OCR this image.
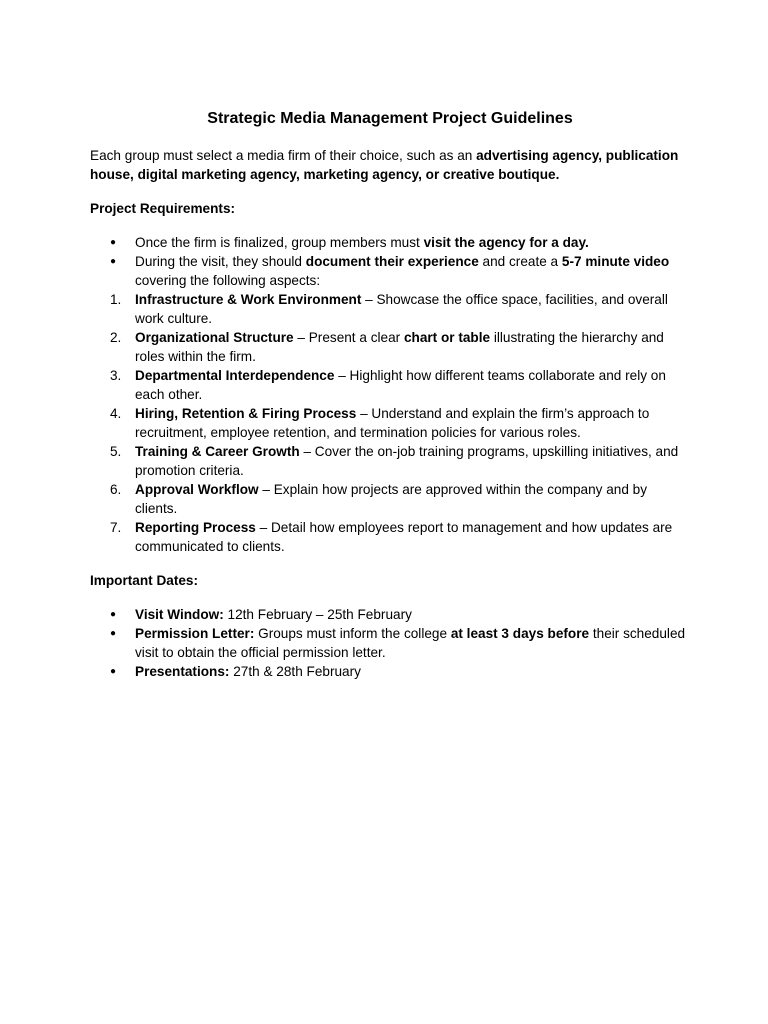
Strategic Media Management Project Guidelines

Each group must select a media firm of their choice, such as an advertising agency, publication house, digital marketing agency, marketing agency, or creative boutique.

Project Requirements:

● Once the firm is finalized, group members must visit the agency for a day.
● During the visit, they should document their experience and create a 5-7 minute video covering the following aspects:
1. Infrastructure & Work Environment – Showcase the office space, facilities, and overall work culture.
2. Organizational Structure – Present a clear chart or table illustrating the hierarchy and roles within the firm.
3. Departmental Interdependence – Highlight how different teams collaborate and rely on each other.
4. Hiring, Retention & Firing Process – Understand and explain the firm’s approach to recruitment, employee retention, and termination policies for various roles.
5. Training & Career Growth – Cover the on-job training programs, upskilling initiatives, and promotion criteria.
6. Approval Workflow – Explain how projects are approved within the company and by clients.
7. Reporting Process – Detail how employees report to management and how updates are communicated to clients.

Important Dates:

● Visit Window: 12th February – 25th February
● Permission Letter: Groups must inform the college at least 3 days before their scheduled visit to obtain the official permission letter.
● Presentations: 27th & 28th February
